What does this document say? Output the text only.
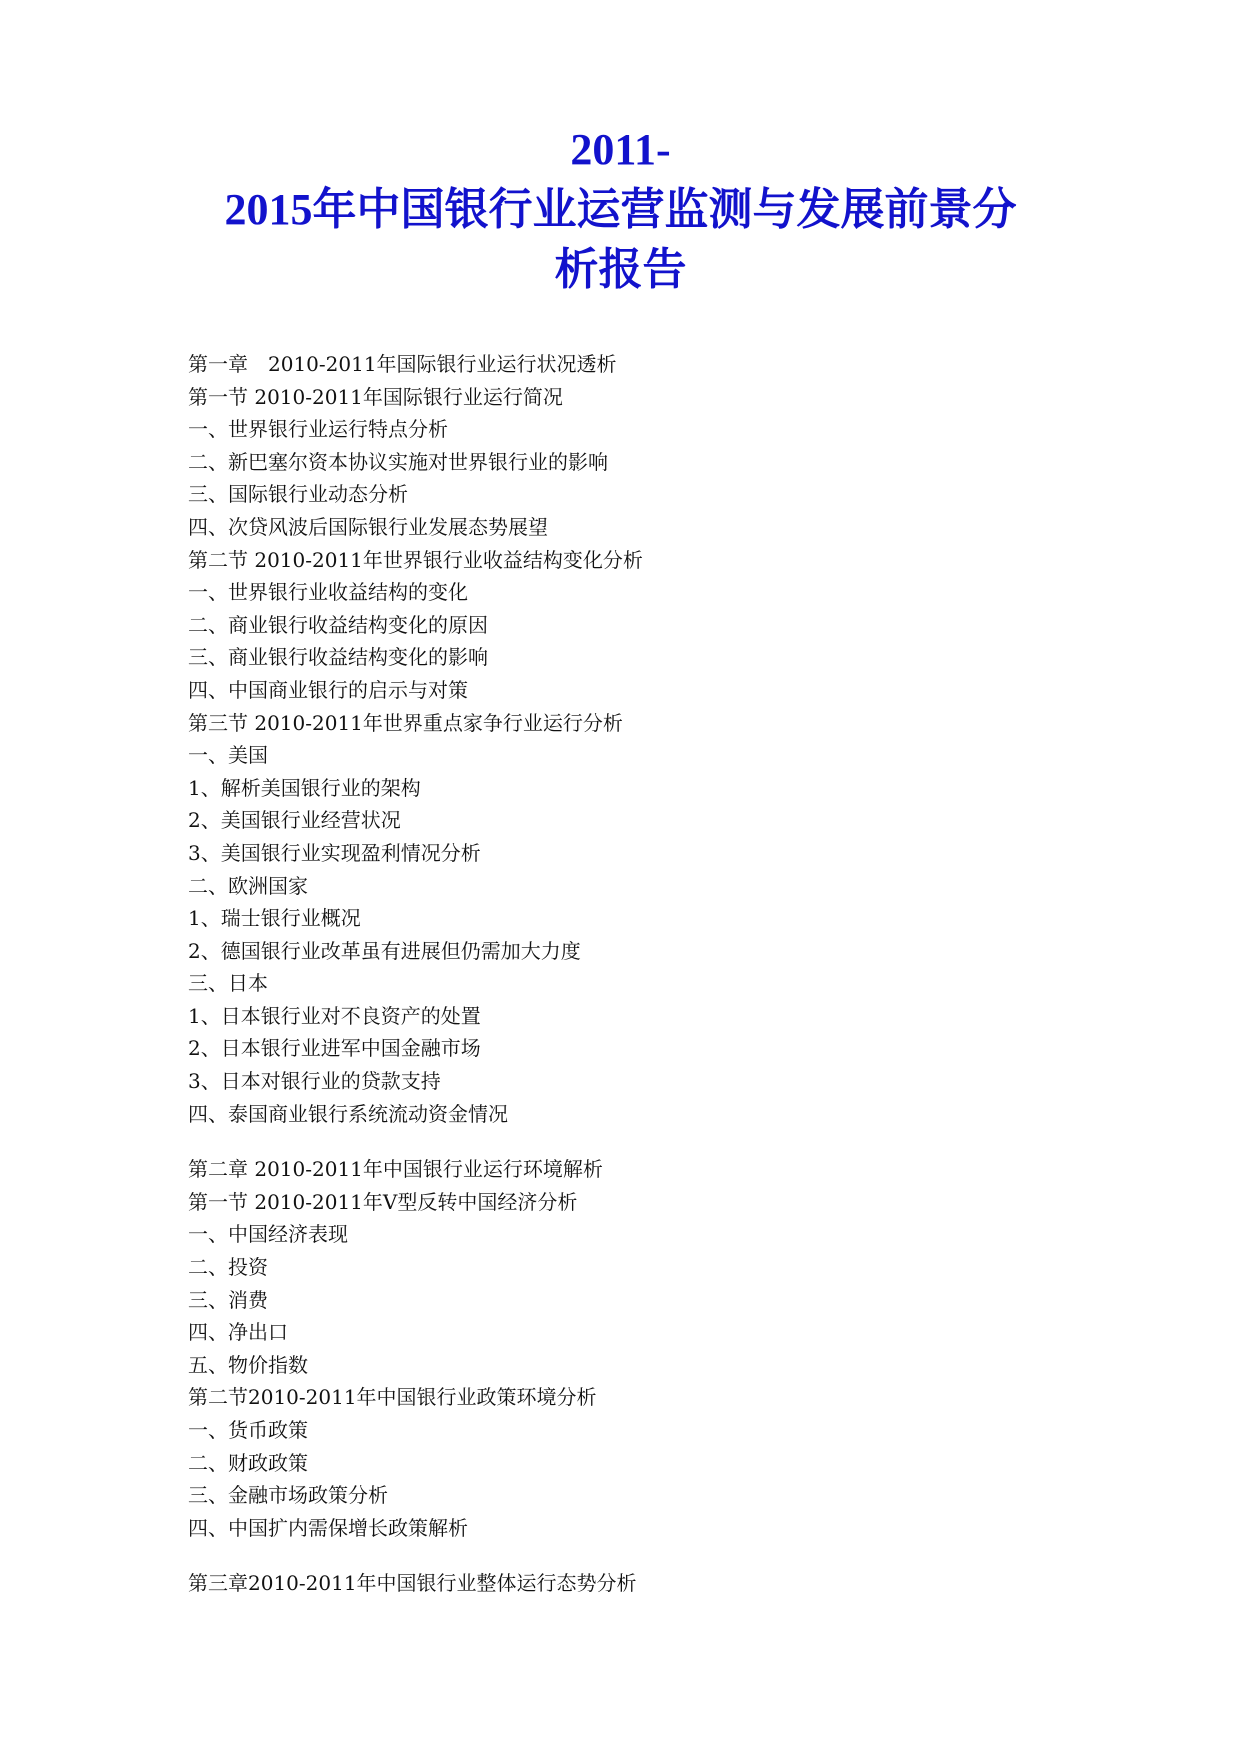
2011-
2015年中国银行业运营监测与发展前景分
析报告
第一章　2010-2011年国际银行业运行状况透析
第一节 2010-2011年国际银行业运行简况
一、世界银行业运行特点分析
二、新巴塞尔资本协议实施对世界银行业的影响
三、国际银行业动态分析
四、次贷风波后国际银行业发展态势展望
第二节 2010-2011年世界银行业收益结构变化分析
一、世界银行业收益结构的变化
二、商业银行收益结构变化的原因
三、商业银行收益结构变化的影响
四、中国商业银行的启示与对策
第三节 2010-2011年世界重点家争行业运行分析
一、美国
1、解析美国银行业的架构
2、美国银行业经营状况
3、美国银行业实现盈利情况分析
二、欧洲国家
1、瑞士银行业概况
2、德国银行业改革虽有进展但仍需加大力度
三、日本
1、日本银行业对不良资产的处置
2、日本银行业进军中国金融市场
3、日本对银行业的贷款支持
四、泰国商业银行系统流动资金情况
第二章 2010-2011年中国银行业运行环境解析
第一节 2010-2011年V型反转中国经济分析
一、中国经济表现
二、投资
三、消费
四、净出口
五、物价指数
第二节2010-2011年中国银行业政策环境分析
一、货币政策
二、财政政策
三、金融市场政策分析
四、中国扩内需保增长政策解析
第三章2010-2011年中国银行业整体运行态势分析
